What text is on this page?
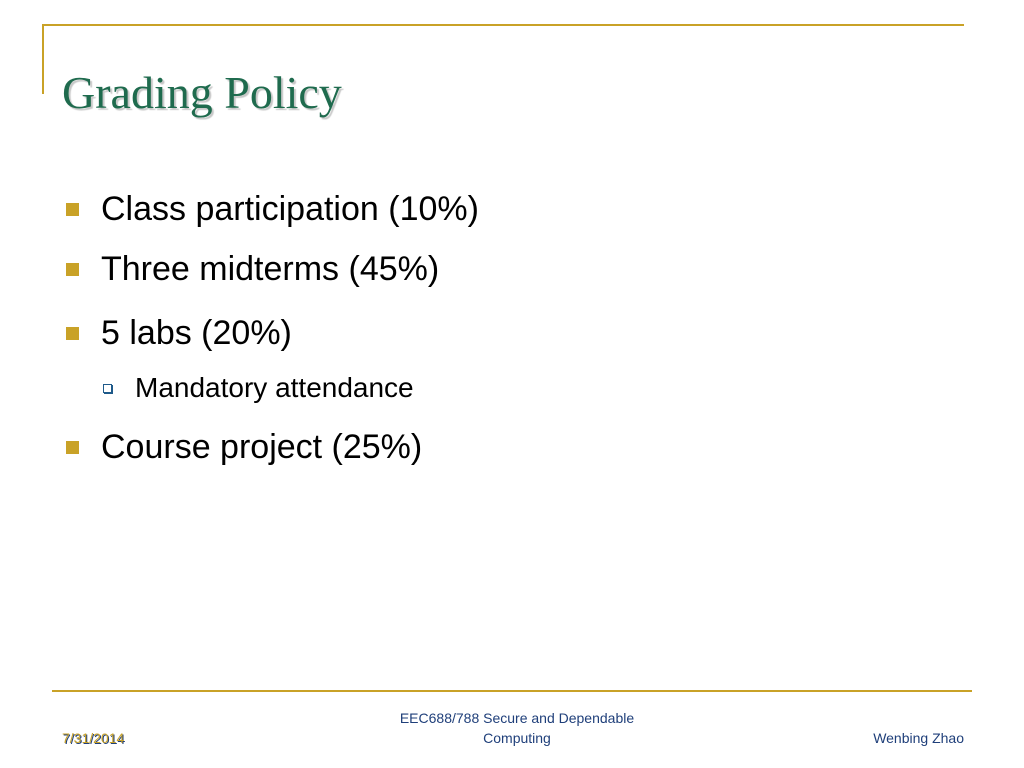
Grading Policy
Class participation (10%)
Three midterms (45%)
5 labs (20%)
Mandatory attendance
Course project (25%)
7/31/2014
EEC688/788 Secure and Dependable
Computing	Wenbing Zhao
